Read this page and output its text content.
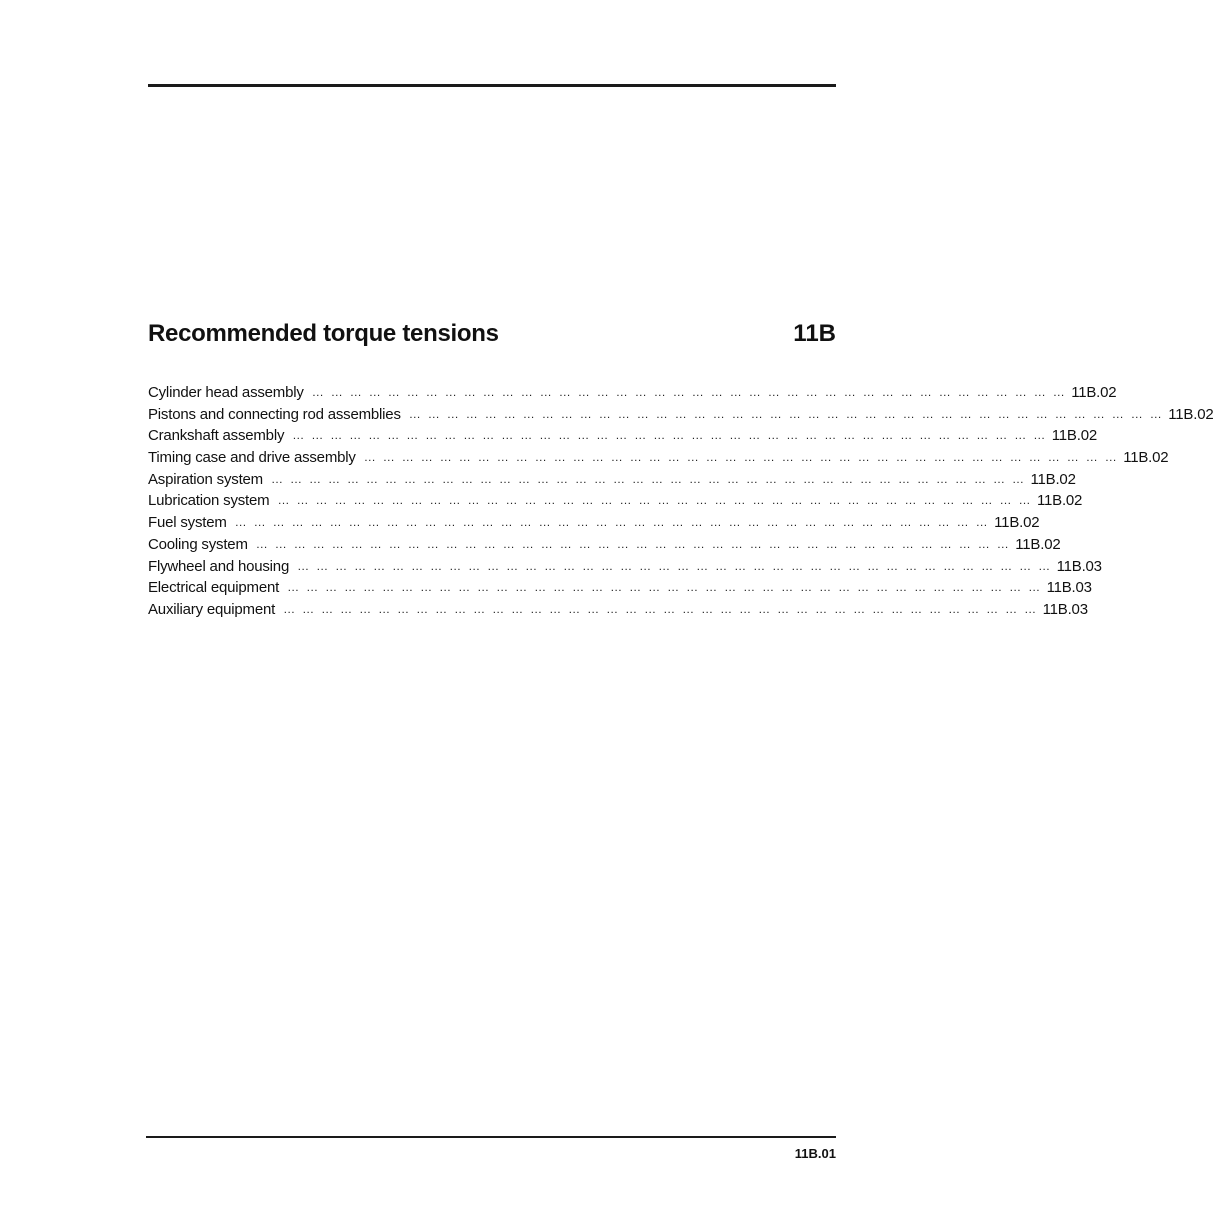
Recommended torque tensions	11B
Cylinder head assembly … … … … … … … … … … … … … … … … … … … … … … … … … … … … … … … … … … … … … … … … 11B.02
Pistons and connecting rod assemblies … … … … … … … … … … … … … … … … … … … … … … … … … … … … … … … … … … … … … … … … 11B.02
Crankshaft assembly … … … … … … … … … … … … … … … … … … … … … … … … … … … … … … … … … … … … … … … … 11B.02
Timing case and drive assembly … … … … … … … … … … … … … … … … … … … … … … … … … … … … … … … … … … … … … … … … 11B.02
Aspiration system … … … … … … … … … … … … … … … … … … … … … … … … … … … … … … … … … … … … … … … … 11B.02
Lubrication system … … … … … … … … … … … … … … … … … … … … … … … … … … … … … … … … … … … … … … … … 11B.02
Fuel system … … … … … … … … … … … … … … … … … … … … … … … … … … … … … … … … … … … … … … … … 11B.02
Cooling system … … … … … … … … … … … … … … … … … … … … … … … … … … … … … … … … … … … … … … … … 11B.02
Flywheel and housing … … … … … … … … … … … … … … … … … … … … … … … … … … … … … … … … … … … … … … … … 11B.03
Electrical equipment … … … … … … … … … … … … … … … … … … … … … … … … … … … … … … … … … … … … … … … … 11B.03
Auxiliary equipment … … … … … … … … … … … … … … … … … … … … … … … … … … … … … … … … … … … … … … … … 11B.03
11B.01
